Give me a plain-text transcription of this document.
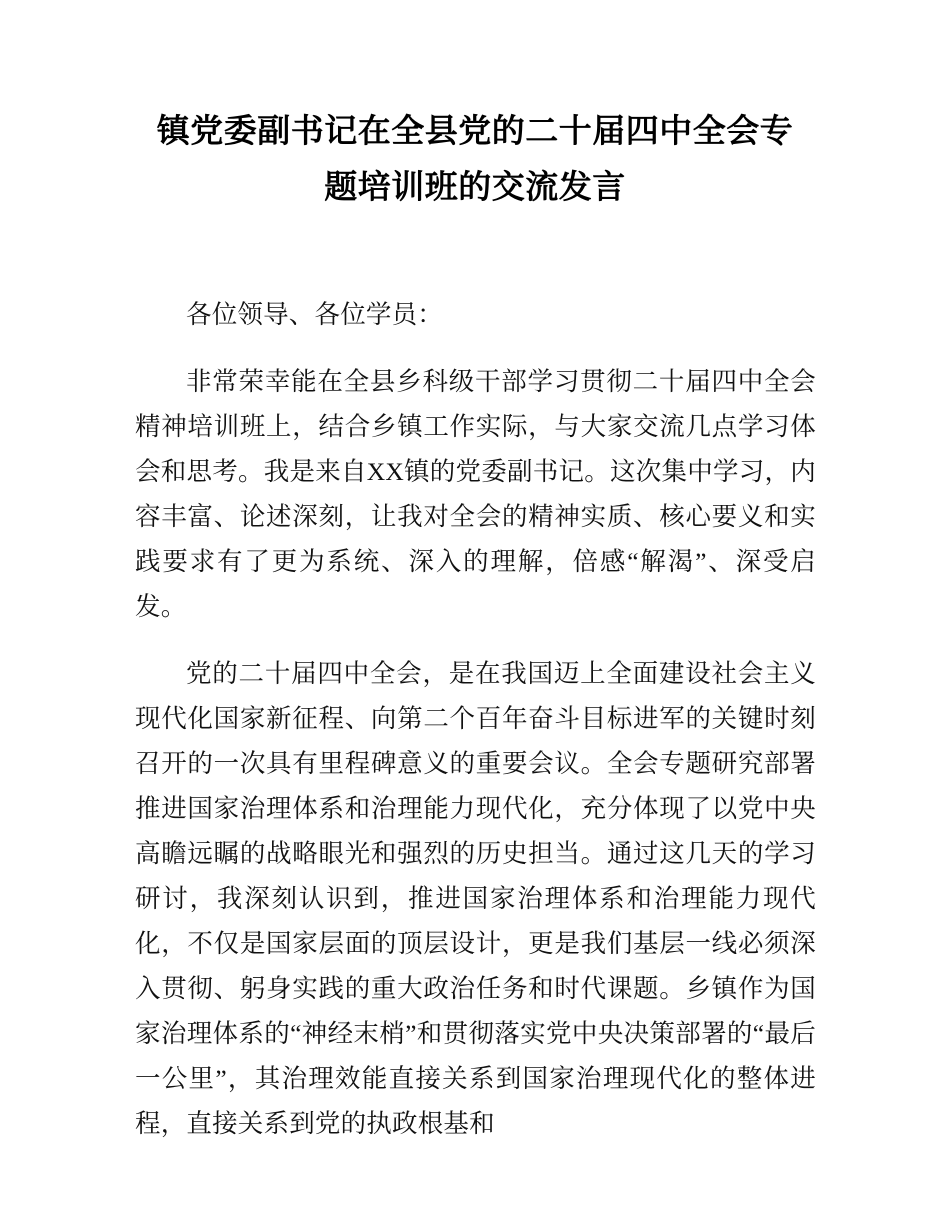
镇党委副书记在全县党的二十届四中全会专
题培训班的交流发言

各位领导、各位学员：

非常荣幸能在全县乡科级干部学习贯彻二十届四中全会精神培训班上，结合乡镇工作实际，与大家交流几点学习体会和思考。我是来自XX镇的党委副书记。这次集中学习，内容丰富、论述深刻，让我对全会的精神实质、核心要义和实践要求有了更为系统、深入的理解，倍感“解渴”、深受启发。

党的二十届四中全会，是在我国迈上全面建设社会主义现代化国家新征程、向第二个百年奋斗目标进军的关键时刻召开的一次具有里程碑意义的重要会议。全会专题研究部署推进国家治理体系和治理能力现代化，充分体现了以党中央高瞻远瞩的战略眼光和强烈的历史担当。通过这几天的学习研讨，我深刻认识到，推进国家治理体系和治理能力现代化，不仅是国家层面的顶层设计，更是我们基层一线必须深入贯彻、躬身实践的重大政治任务和时代课题。乡镇作为国家治理体系的“神经末梢”和贯彻落实党中央决策部署的“最后一公里”，其治理效能直接关系到国家治理现代化的整体进程，直接关系到党的执政根基和
